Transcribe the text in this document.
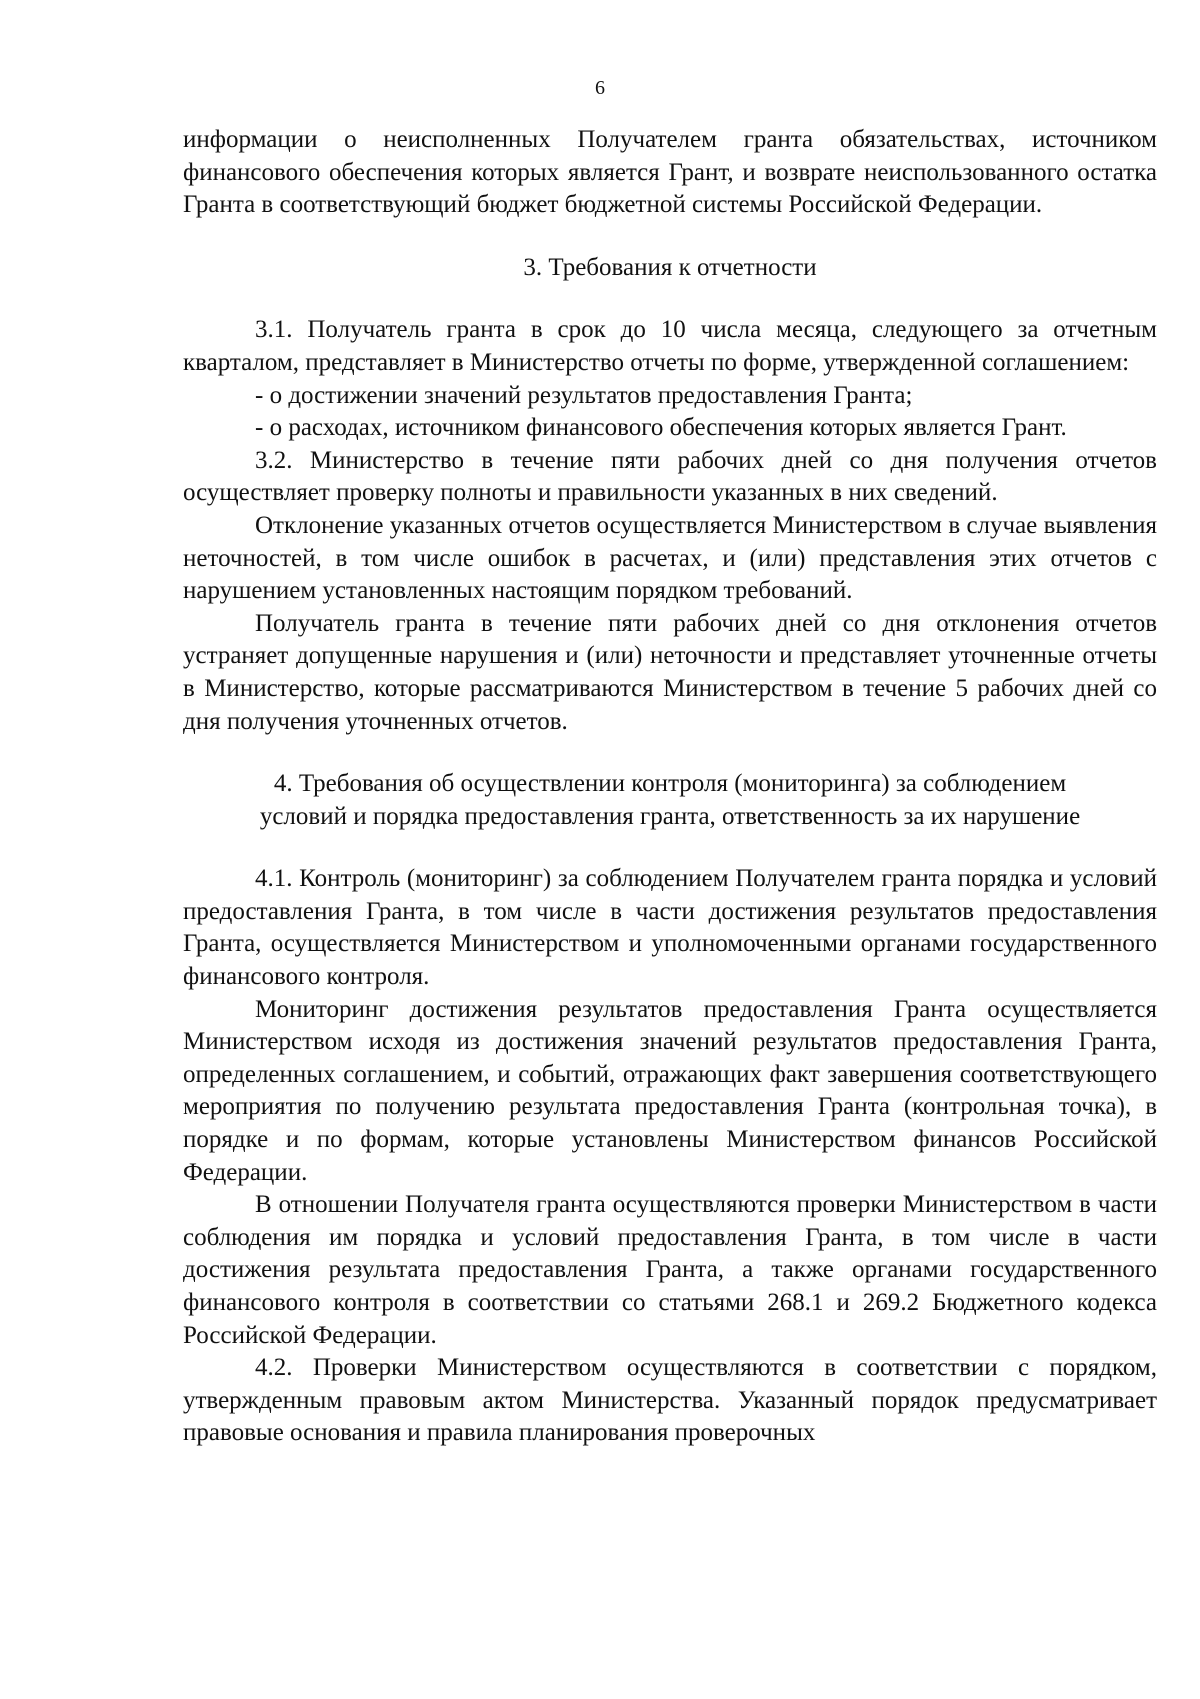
6

информации о неисполненных Получателем гранта обязательствах, источником финансового обеспечения которых является Грант, и возврате неиспользованного остатка Гранта в соответствующий бюджет бюджетной системы Российской Федерации.

3. Требования к отчетности

3.1. Получатель гранта в срок до 10 числа месяца, следующего за отчетным кварталом, представляет в Министерство отчеты по форме, утвержденной соглашением:

- о достижении значений результатов предоставления Гранта;

- о расходах, источником финансового обеспечения которых является Грант.

3.2. Министерство в течение пяти рабочих дней со дня получения отчетов осуществляет проверку полноты и правильности указанных в них сведений.

Отклонение указанных отчетов осуществляется Министерством в случае выявления неточностей, в том числе ошибок в расчетах, и (или) представления этих отчетов с нарушением установленных настоящим порядком требований.

Получатель гранта в течение пяти рабочих дней со дня отклонения отчетов устраняет допущенные нарушения и (или) неточности и представляет уточненные отчеты в Министерство, которые рассматриваются Министерством в течение 5 рабочих дней со дня получения уточненных отчетов.

4. Требования об осуществлении контроля (мониторинга) за соблюдением

условий и порядка предоставления гранта, ответственность за их нарушение

4.1. Контроль (мониторинг) за соблюдением Получателем гранта порядка и условий предоставления Гранта, в том числе в части достижения результатов предоставления Гранта, осуществляется Министерством и уполномоченными органами государственного финансового контроля.

Мониторинг достижения результатов предоставления Гранта осуществляется Министерством исходя из достижения значений результатов предоставления Гранта, определенных соглашением, и событий, отражающих факт завершения соответствующего мероприятия по получению результата предоставления Гранта (контрольная точка), в порядке и по формам, которые установлены Министерством финансов Российской Федерации.

В отношении Получателя гранта осуществляются проверки Министерством в части соблюдения им порядка и условий предоставления Гранта, в том числе в части достижения результата предоставления Гранта, а также органами государственного финансового контроля в соответствии со статьями 268.1 и 269.2 Бюджетного кодекса Российской Федерации.

4.2. Проверки Министерством осуществляются в соответствии с порядком, утвержденным правовым актом Министерства. Указанный порядок предусматривает правовые основания и правила планирования проверочных
